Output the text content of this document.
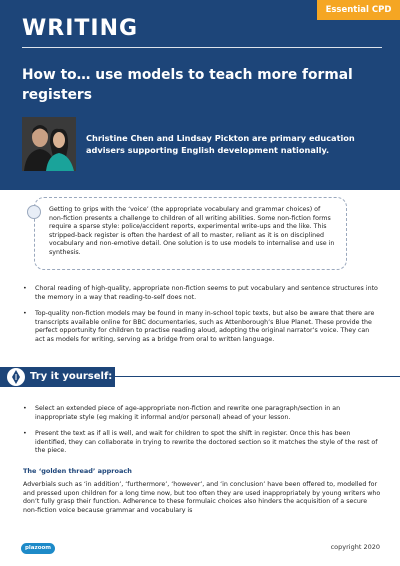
Essential CPD
WRITING
How to… use models to teach more formal registers
Christine Chen and Lindsay Pickton are primary education advisers supporting English development nationally.
Getting to grips with the ‘voice’ (the appropriate vocabulary and grammar choices) of non-fiction presents a challenge to children of all writing abilities. Some non-fiction forms require a sparse style: police/accident reports, experimental write-ups and the like. This stripped-back register is often the hardest of all to master, reliant as it is on disciplined vocabulary and non-emotive detail. One solution is to use models to internalise and use in synthesis.
• Choral reading of high-quality, appropriate non-fiction seems to put vocabulary and sentence structures into the memory in a way that reading-to-self does not.
• Top-quality non-fiction models may be found in many in-school topic texts, but also be aware that there are transcripts available online for BBC documentaries, such as Attenborough’s Blue Planet. These provide the perfect opportunity for children to practise reading aloud, adopting the original narrator’s voice. They can act as models for writing, serving as a bridge from oral to written language.
Try it yourself:
• Select an extended piece of age-appropriate non-fiction and rewrite one paragraph/section in an inappropriate style (eg making it informal and/or personal) ahead of your lesson.
• Present the text as if all is well, and wait for children to spot the shift in register. Once this has been identified, they can collaborate in trying to rewrite the doctored section so it matches the style of the rest of the piece.
The ‘golden thread’ approach
Adverbials such as ‘in addition’, ‘furthermore’, ‘however’, and ‘in conclusion’ have been offered to, modelled for and pressed upon children for a long time now, but too often they are used inappropriately by young writers who don’t fully grasp their function. Adherence to these formulaic choices also hinders the acquisition of a secure non-fiction voice because grammar and vocabulary is
plazoom	copyright 2020
